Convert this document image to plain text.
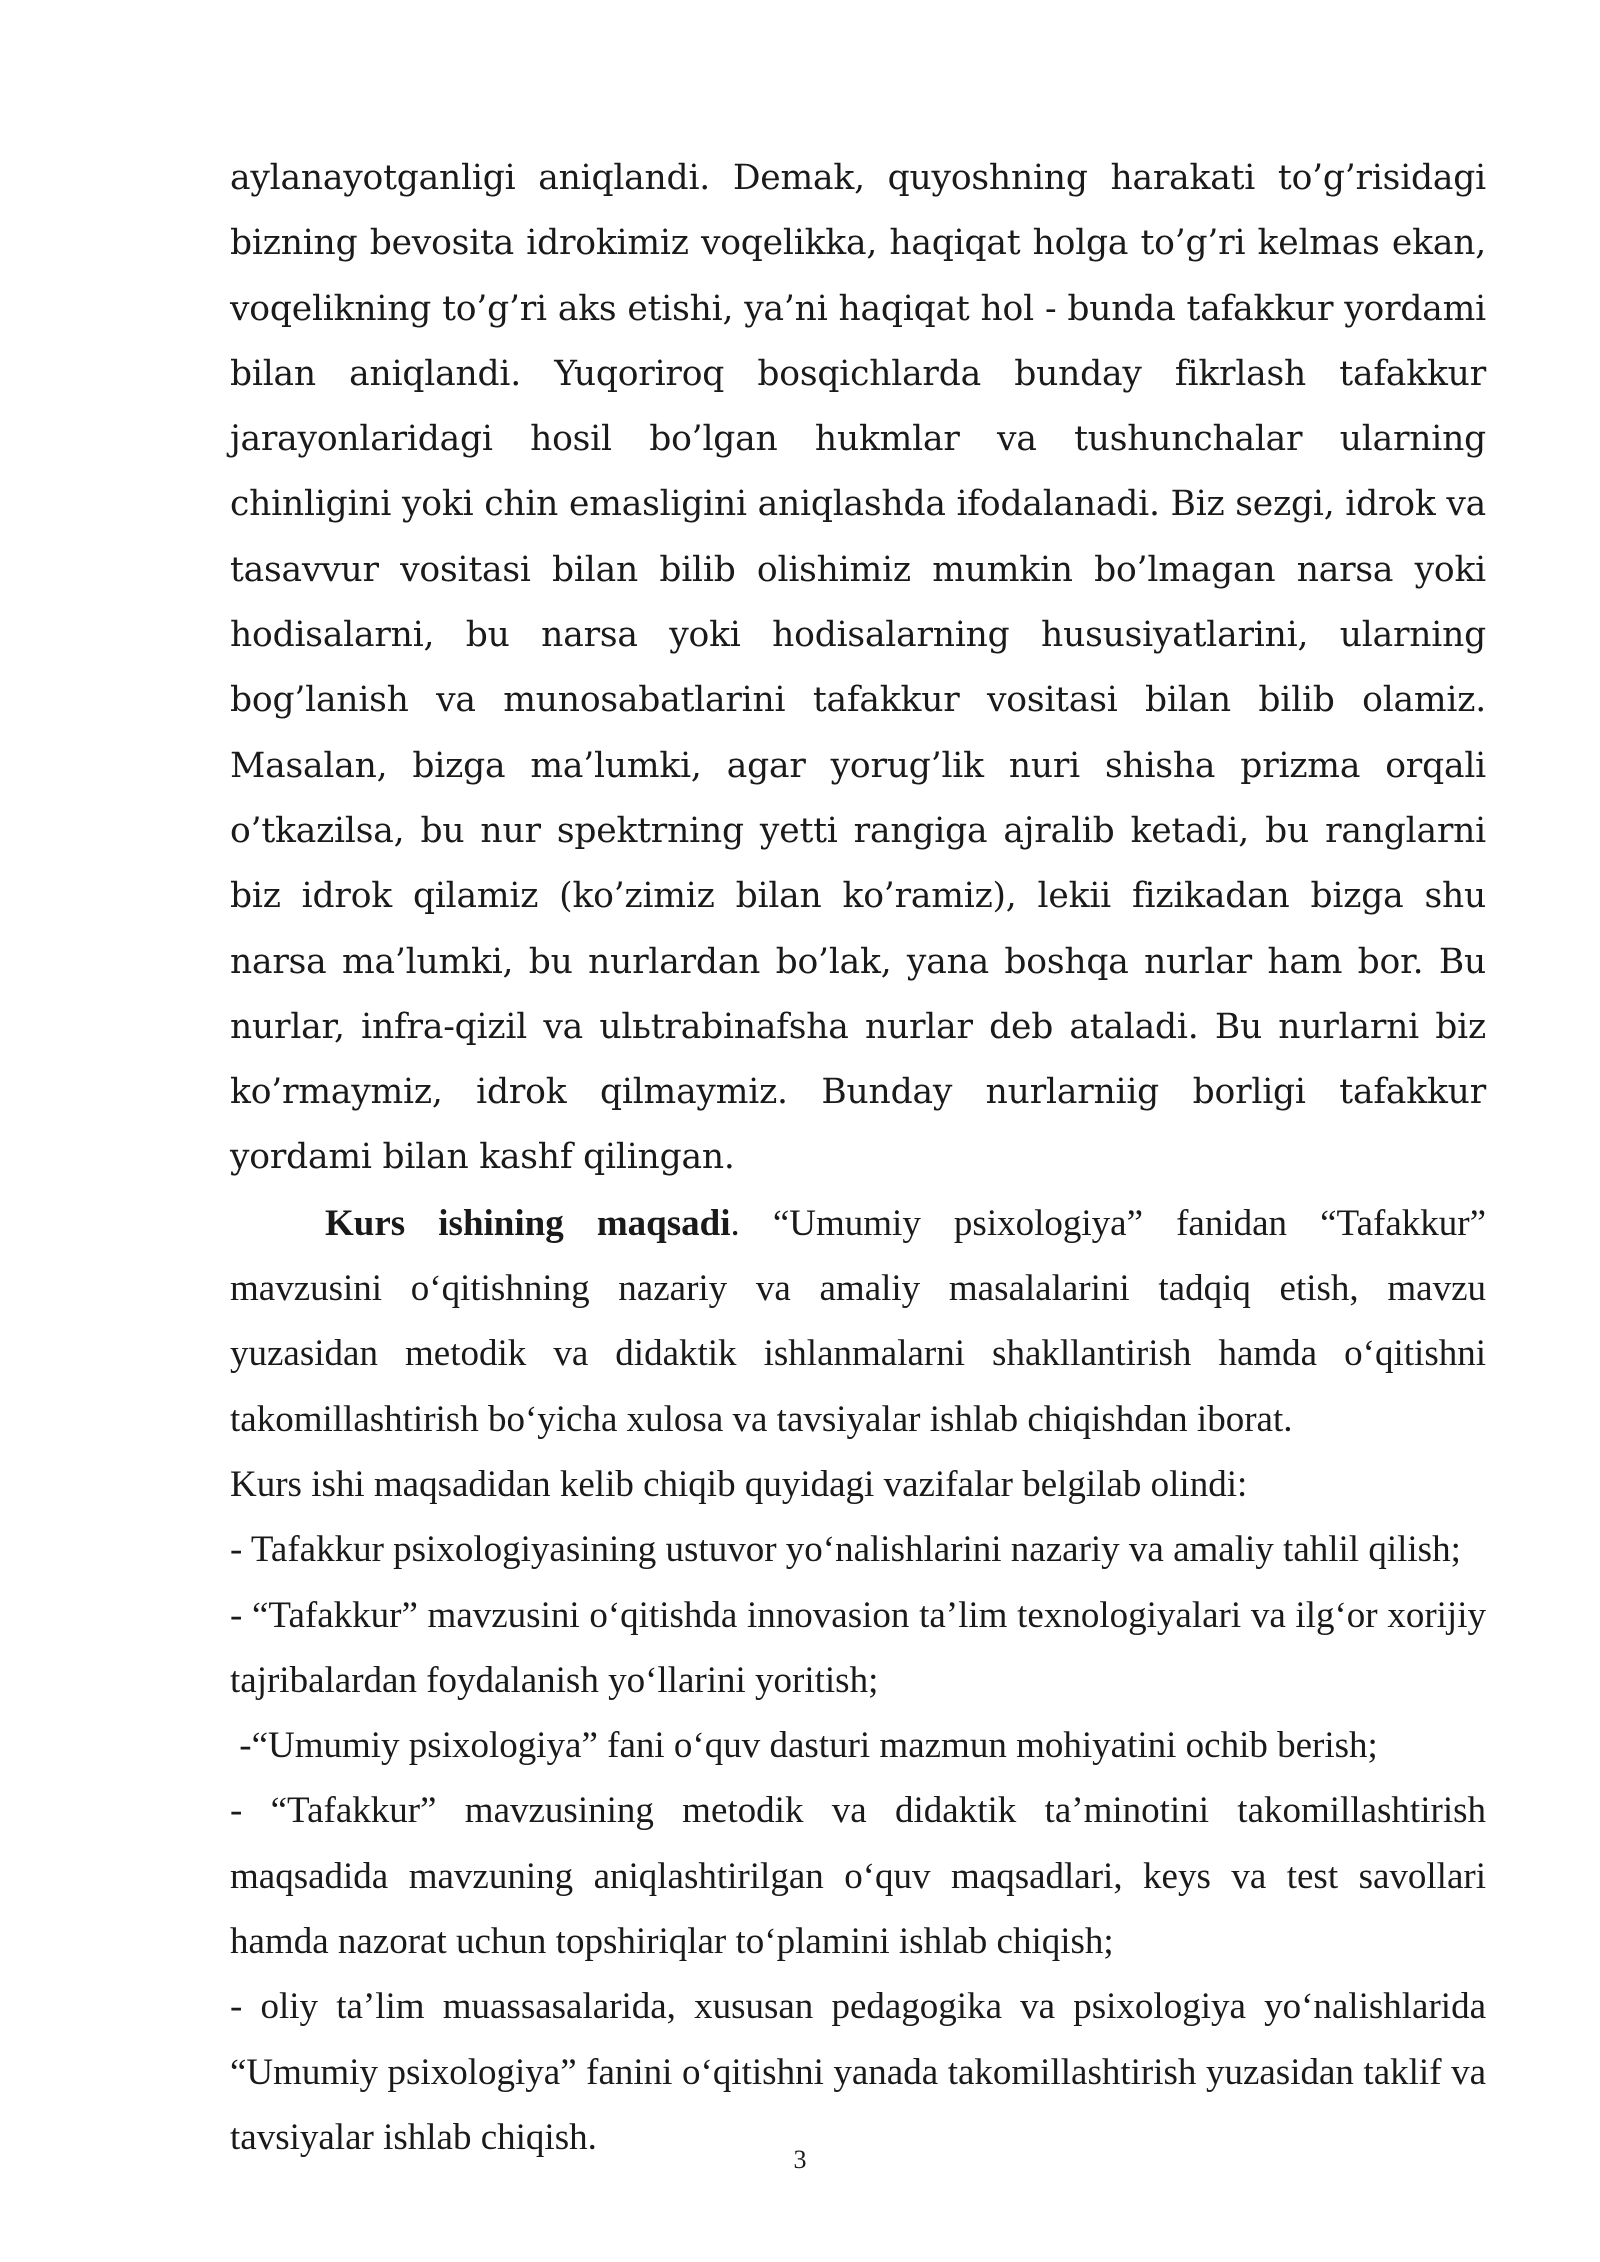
aylanayotganligi aniqlandi. Demak, quyoshning harakati to’g’risidagi bizning bevosita idrokimiz voqelikka, haqiqat holga to’g’ri kelmas ekan, voqelikning to’g’ri aks etishi, ya’ni haqiqat hol - bunda tafakkur yordami bilan aniqlandi. Yuqoriroq bosqichlarda bunday fikrlash tafakkur jarayonlaridagi hosil bo’lgan hukmlar va tushunchalar ularning chinligini yoki chin emasligini aniqlashda ifodalanadi. Biz sezgi, idrok va tasavvur vositasi bilan bilib olishimiz mumkin bo’lmagan narsa yoki hodisalarni, bu narsa yoki hodisalarning hususiyatlarini, ularning bog’lanish va munosabatlarini tafakkur vositasi bilan bilib olamiz. Masalan, bizga ma’lumki, agar yorug’lik nuri shisha prizma orqali o’tkazilsa, bu nur spektrning yetti rangiga ajralib ketadi, bu ranglarni biz idrok qilamiz (ko’zimiz bilan ko’ramiz), lekii fizikadan bizga shu narsa ma’lumki, bu nurlardan bo’lak, yana boshqa nurlar ham bor. Bu nurlar, infra-qizil va ulьtrabinafsha nurlar deb ataladi. Bu nurlarni biz ko’rmaymiz, idrok qilmaymiz. Bunday nurlarniig borligi tafakkur yordami bilan kashf qilingan.

Kurs ishining maqsadi. “Umumiy psixologiya” fanidan “Tafakkur” mavzusini o‘qitishning nazariy va amaliy masalalarini tadqiq etish, mavzu yuzasidan metodik va didaktik ishlanmalarni shakllantirish hamda o‘qitishni takomillashtirish bo‘yicha xulosa va tavsiyalar ishlab chiqishdan iborat.

Kurs ishi maqsadidan kelib chiqib quyidagi vazifalar belgilab olindi:

- Tafakkur psixologiyasining ustuvor yo‘nalishlarini nazariy va amaliy tahlil qilish;

- “Tafakkur” mavzusini o‘qitishda innovasion ta’lim texnologiyalari va ilg‘or xorijiy tajribalardan foydalanish yo‘llarini yoritish;

-“Umumiy psixologiya” fani o‘quv dasturi mazmun mohiyatini ochib berish;

- “Tafakkur” mavzusining metodik va didaktik ta’minotini takomillashtirish maqsadida mavzuning aniqlashtirilgan o‘quv maqsadlari, keys va test savollari hamda nazorat uchun topshiriqlar to‘plamini ishlab chiqish;

- oliy ta’lim muassasalarida, xususan pedagogika va psixologiya yo‘nalishlarida “Umumiy psixologiya” fanini o‘qitishni yanada takomillashtirish yuzasidan taklif va tavsiyalar ishlab chiqish.

3
